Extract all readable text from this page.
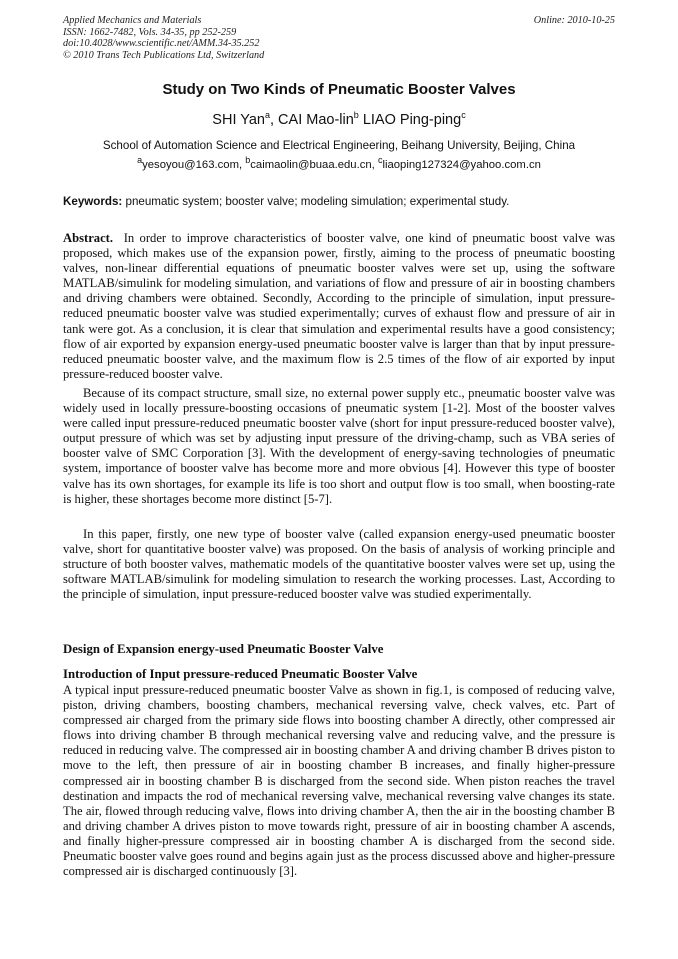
Applied Mechanics and Materials
ISSN: 1662-7482, Vols. 34-35, pp 252-259
doi:10.4028/www.scientific.net/AMM.34-35.252
© 2010 Trans Tech Publications Ltd, Switzerland
Online: 2010-10-25
Study on Two Kinds of Pneumatic Booster Valves
SHI Yan$^a$, CAI Mao-lin$^b$ LIAO Ping-ping$^c$
School of Automation Science and Electrical Engineering, Beihang University, Beijing, China
$^a$yesoyou@163.com, $^b$caimaolin@buaa.edu.cn, $^c$liaoping127324@yahoo.com.cn
Keywords: pneumatic system; booster valve; modeling simulation; experimental study.

Abstract. In order to improve characteristics of booster valve, one kind of pneumatic boost valve was proposed, which makes use of the expansion power, firstly, aiming to the process of pneumatic boosting valves, non-linear differential equations of pneumatic booster valves were set up, using the software MATLAB/simulink for modeling simulation, and variations of flow and pressure of air in boosting chambers and driving chambers were obtained. Secondly, According to the principle of simulation, input pressure-reduced pneumatic booster valve was studied experimentally; curves of exhaust flow and pressure of air in tank were got. As a conclusion, it is clear that simulation and experimental results have a good consistency; flow of air exported by expansion energy-used pneumatic booster valve is larger than that by input pressure-reduced pneumatic booster valve, and the maximum flow is 2.5 times of the flow of air exported by input pressure-reduced booster valve.

Because of its compact structure, small size, no external power supply etc., pneumatic booster valve was widely used in locally pressure-boosting occasions of pneumatic system [1-2]. Most of the booster valves were called input pressure-reduced pneumatic booster valve (short for input pressure-reduced booster valve), output pressure of which was set by adjusting input pressure of the driving-champ, such as VBA series of booster valve of SMC Corporation [3]. With the development of energy-saving technologies of pneumatic system, importance of booster valve has become more and more obvious [4]. However this type of booster valve has its own shortages, for example its life is too short and output flow is too small, when boosting-rate is higher, these shortages become more distinct [5-7].

In this paper, firstly, one new type of booster valve (called expansion energy-used pneumatic booster valve, short for quantitative booster valve) was proposed. On the basis of analysis of working principle and structure of both booster valves, mathematic models of the quantitative booster valves were set up, using the software MATLAB/simulink for modeling simulation to research the working processes. Last, According to the principle of simulation, input pressure-reduced booster valve was studied experimentally.

Design of Expansion energy-used Pneumatic Booster Valve
Introduction of Input pressure-reduced Pneumatic Booster Valve

A typical input pressure-reduced pneumatic booster Valve as shown in fig.1, is composed of reducing valve, piston, driving chambers, boosting chambers, mechanical reversing valve, check valves, etc. Part of compressed air charged from the primary side flows into boosting chamber A directly, other compressed air flows into driving chamber B through mechanical reversing valve and reducing valve, and the pressure is reduced in reducing valve. The compressed air in boosting chamber A and driving chamber B drives piston to move to the left, then pressure of air in boosting chamber B increases, and finally higher-pressure compressed air in boosting chamber B is discharged from the second side. When piston reaches the travel destination and impacts the rod of mechanical reversing valve, mechanical reversing valve changes its state. The air, flowed through reducing valve, flows into driving chamber A, then the air in the boosting chamber B and driving chamber A drives piston to move towards right, pressure of air in boosting chamber A ascends, and finally higher-pressure compressed air in boosting chamber A is discharged from the second side. Pneumatic booster valve goes round and begins again just as the process discussed above and higher-pressure compressed air is discharged continuously [3].
